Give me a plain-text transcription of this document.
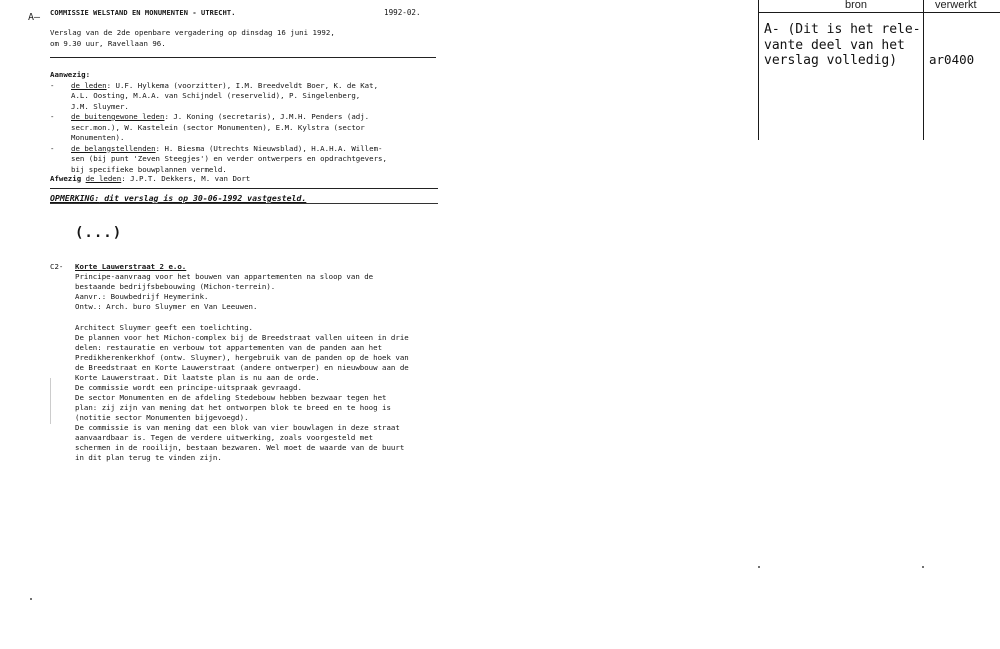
A— COMMISSIE WELSTAND EN MONUMENTEN - UTRECHT.	1992-02.
Verslag van de 2de openbare vergadering op dinsdag 16 juni 1992,
om 9.30 uur, Ravellaan 96.
Aanwezig:
- de leden: U.F. Hylkema (voorzitter), I.M. Breedveldt Boer, K. de Kat,
A.L. Oosting, M.A.A. van Schijndel (reservelid), P. Singelenberg,
J.M. Sluymer.
- de buitengewone leden: J. Koning (secretaris), J.M.H. Penders (adj.
secr.mon.), W. Kastelein (sector Monumenten), E.M. Kylstra (sector
Monumenten).
- de belangstellenden: H. Biesma (Utrechts Nieuwsblad), H.A.H.A. Willem-
sen (bij punt 'Zeven Steegjes') en verder ontwerpers en opdrachtgevers,
bij specifieke bouwplannen vermeld.
Afwezig de leden: J.P.T. Dekkers, M. van Dort
OPMERKING: dit verslag is op 30-06-1992 vastgesteld.
(...)
C2- Korte Lauwerstraat 2 e.o.
Principe-aanvraag voor het bouwen van appartementen na sloop van de
bestaande bedrijfsbebouwing (Michon-terrein).
Aanvr.: Bouwbedrijf Heymerink.
Ontw.: Arch. buro Sluymer en Van Leeuwen.
Architect Sluymer geeft een toelichting.
De plannen voor het Michon-complex bij de Breedstraat vallen uiteen in drie
delen: restauratie en verbouw tot appartementen van de panden aan het
Predikherenkerkhof (ontw. Sluymer), hergebruik van de panden op de hoek van
de Breedstraat en Korte Lauwerstraat (andere ontwerper) en nieuwbouw aan de
Korte Lauwerstraat. Dit laatste plan is nu aan de orde.
De commissie wordt een principe-uitspraak gevraagd.
De sector Monumenten en de afdeling Stedebouw hebben bezwaar tegen het
plan: zij zijn van mening dat het ontworpen blok te breed en te hoog is
(notitie sector Monumenten bijgevoegd).
De commissie is van mening dat een blok van vier bouwlagen in deze straat
aanvaardbaar is. Tegen de verdere uitwerking, zoals voorgesteld met
schermen in de rooilijn, bestaan bezwaren. Wel moet de waarde van de buurt
in dit plan terug te vinden zijn.
bron	verwerkt
A- (Dit is het rele-
vante deel van het
verslag volledig)	ar0400
